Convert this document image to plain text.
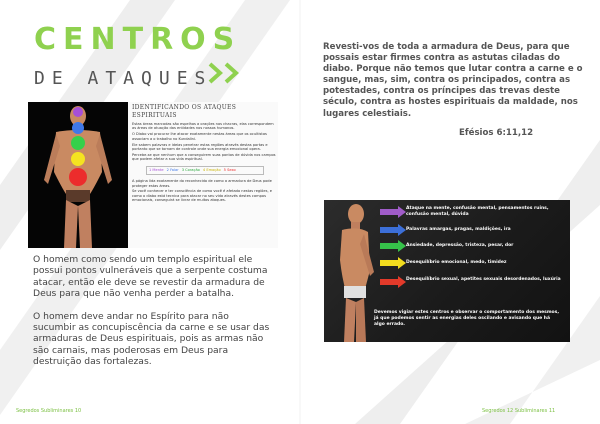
CENTROS
DE ATAQUES
IDENTIFICANDO OS ATAQUES ESPIRITUAIS
Estas áreas marcadas são espelhos a orações nos chacras, elas correspondem as áreas de atuação das entidades nos nossos humanos.
O Diabo vai procurar lhe atacar exatamente nestas áreas que os ocultistas associam a o trabalho no Kundalini.
Ele sabem palavras e ideias penetrar estas regiões através destas portas e portanto que se tornam de controle onde sua energia emocional opera.
Percebe-se que nenhum que a conseguirem suas pontos de dúvida nos campos que podem afetar a sua vida espiritual.
1 Mente 2 Falar 3 Coração 4 Emoção 5 Sexo
A página lida exatamente do reconhecido de como a armadura de Deus pode proteger estas áreas.
Se você conhecer e ter consciência de como você é afetado nestas regiões, e como o diabo está tecnica para atacar no seu vida através destes campos emocionais, conseguirá se livrar de muitos ataques.

O homem como sendo um templo espiritual ele possui pontos vulneráveis que a serpente costuma atacar, então ele deve se revestir da armadura de Deus para que não venha perder a batalha.

O homem deve andar no Espírito para não sucumbir as concupiscência da carne e se usar das armaduras de Deus espirituais, pois as armas não são carnais, mas poderosas em Deus para destruição das fortalezas.

Revesti-vos de toda a armadura de Deus, para que possais estar firmes contra as astutas ciladas do diabo. Porque não temos que lutar contra a carne e o sangue, mas, sim, contra os principados, contra as potestades, contra os príncipes das trevas deste século, contra as hostes espirituais da maldade, nos lugares celestiais.
Efésios 6:11,12
Ataque na mente, confusão mental, pensamentos ruins, confusão mental, dúvida
Palavras amargas, pragas, maldições, ira
Ansiedade, depressão, tristeza, pesar, dor
Desequilíbrio emocional, medo, timidez
Desequilíbrio sexual, apetites sexuais desordenados, luxúria
Devemos vigiar estes centros e observar o comportamento dos mesmos, já que podemos sentir as energias deles oscilando e avisando que há algo errado.
Segredos Subliminares 10	Segredos 12 Subliminares 11
